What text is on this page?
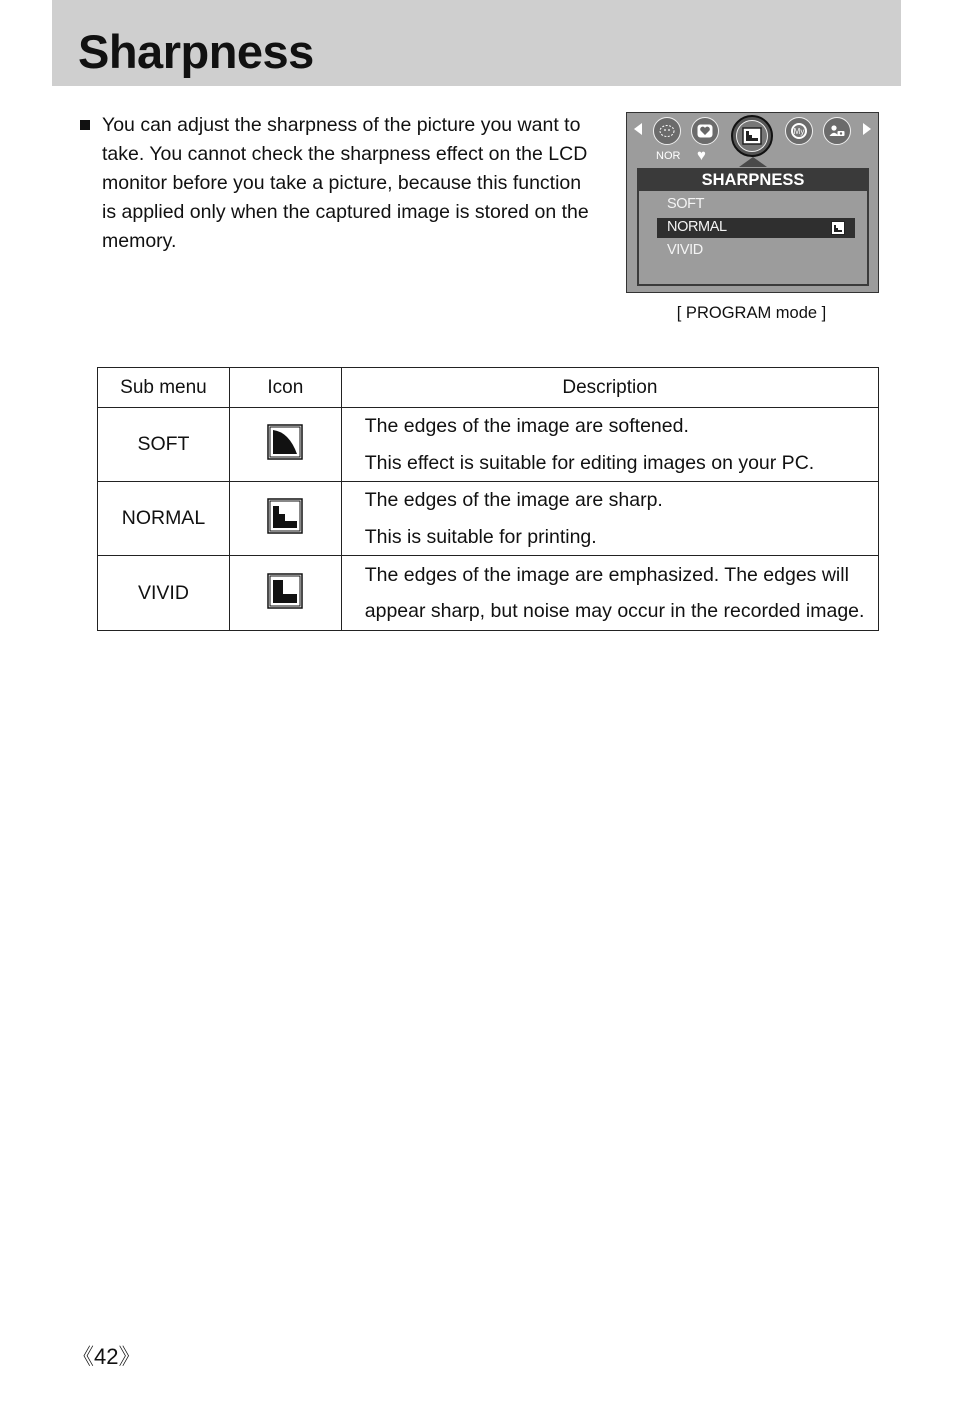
Sharpness
You can adjust the sharpness of the picture you want to take. You cannot check the sharpness effect on the LCD monitor before you take a picture, because this function is applied only when the captured image is stored on the memory.
My
NOR ♥
SHARPNESS
SOFT
NORMAL
VIVID
[ PROGRAM mode ]
Sub menu	Icon	Description
SOFT		The edges of the image are softened.
This effect is suitable for editing images on your PC.

NORMAL		The edges of the image are sharp.
This is suitable for printing.

VIVID		The edges of the image are emphasized. The edges will
appear sharp, but noise may occur in the recorded image.
《42》
